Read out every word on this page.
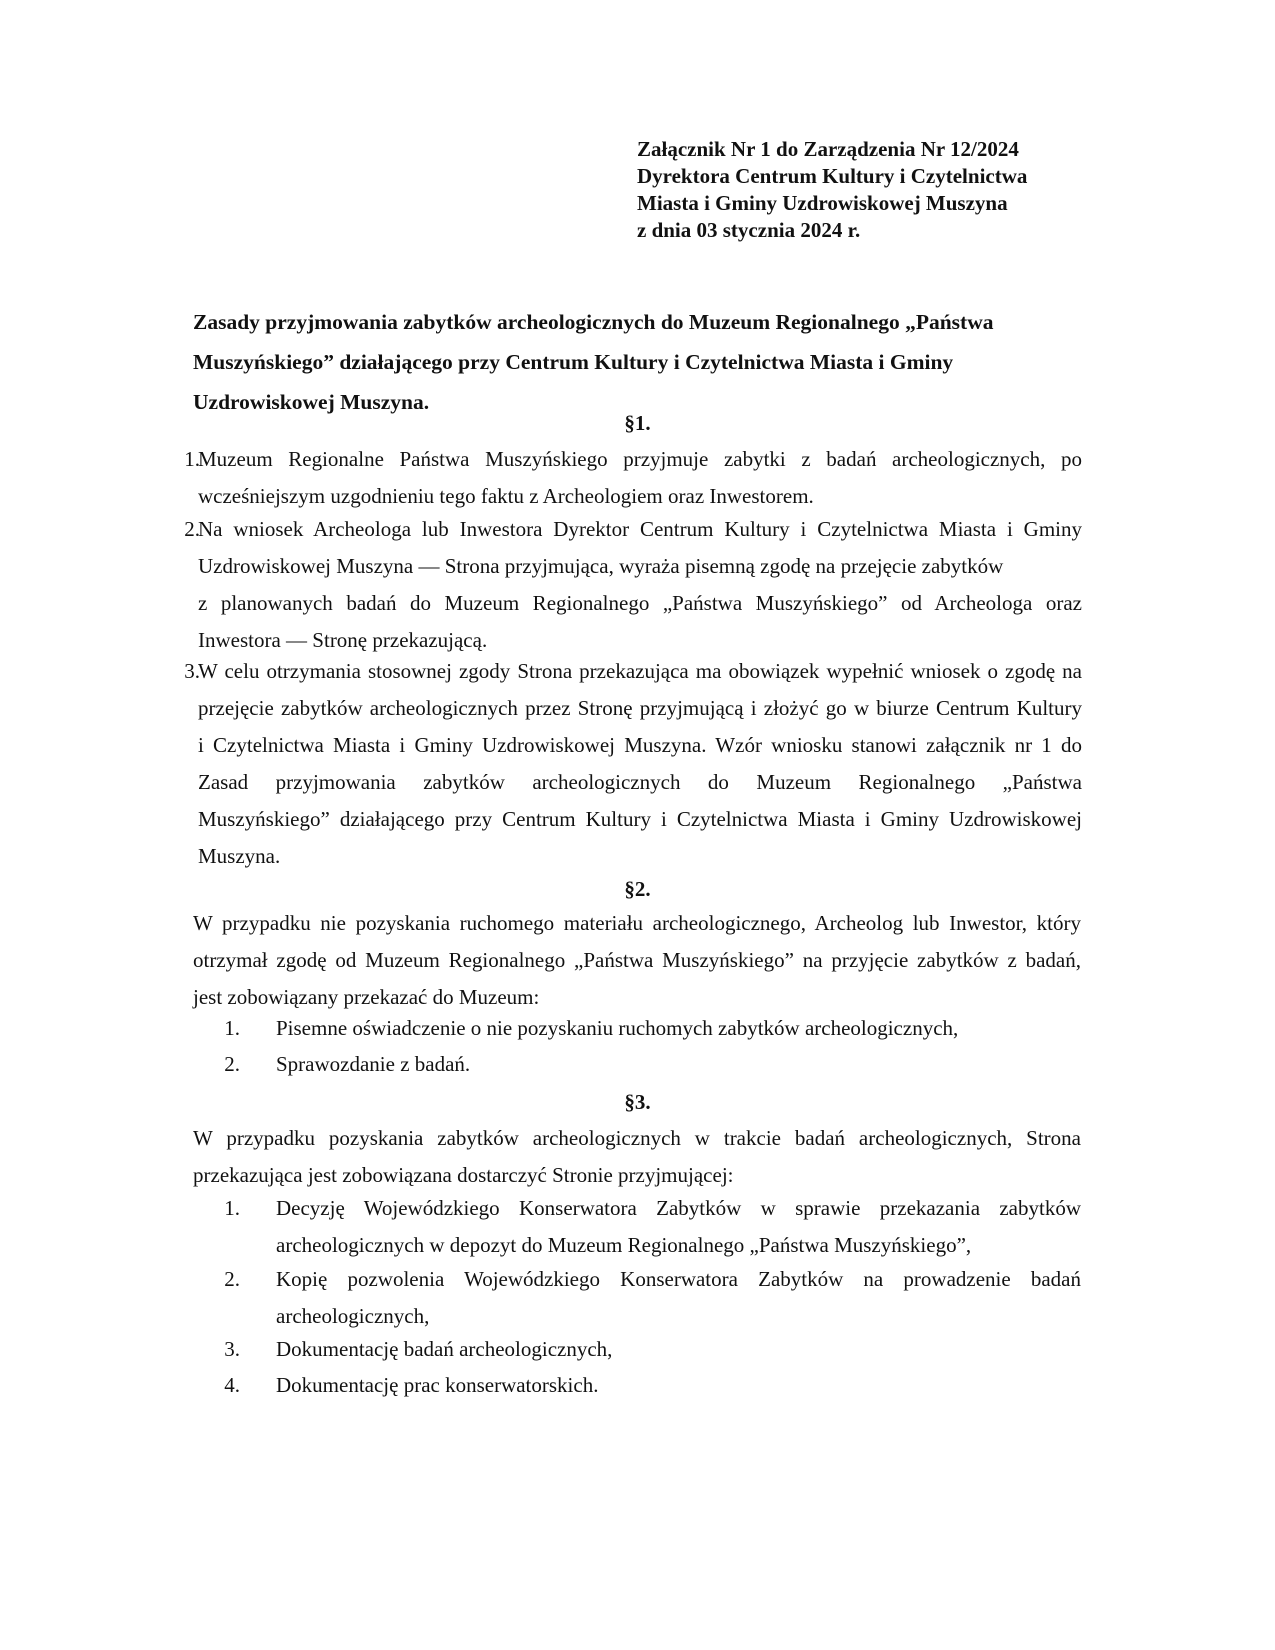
Załącznik Nr 1 do Zarządzenia Nr 12/2024
Dyrektora Centrum Kultury i Czytelnictwa
Miasta i Gminy Uzdrowiskowej Muszyna
z dnia 03 stycznia 2024 r.
Zasady przyjmowania zabytków archeologicznych do Muzeum Regionalnego „Państwa
Muszyńskiego” działającego przy Centrum Kultury i Czytelnictwa Miasta i Gminy
Uzdrowiskowej Muszyna.
§1.
1.
Muzeum Regionalne Państwa Muszyńskiego przyjmuje zabytki z badań archeologicznych, po
wcześniejszym uzgodnieniu tego faktu z Archeologiem oraz Inwestorem.
2.
Na wniosek Archeologa lub Inwestora Dyrektor Centrum Kultury i Czytelnictwa Miasta i Gminy
Uzdrowiskowej Muszyna — Strona przyjmująca, wyraża pisemną zgodę na przejęcie zabytków
z planowanych badań do Muzeum Regionalnego „Państwa Muszyńskiego” od Archeologa oraz
Inwestora — Stronę przekazującą.
3.
W celu otrzymania stosownej zgody Strona przekazująca ma obowiązek wypełnić wniosek o zgodę na
przejęcie zabytków archeologicznych przez Stronę przyjmującą i złożyć go w biurze Centrum Kultury
i Czytelnictwa Miasta i Gminy Uzdrowiskowej Muszyna. Wzór wniosku stanowi załącznik nr 1 do
Zasad przyjmowania zabytków archeologicznych do Muzeum Regionalnego „Państwa
Muszyńskiego” działającego przy Centrum Kultury i Czytelnictwa Miasta i Gminy Uzdrowiskowej
Muszyna.
§2.
W przypadku nie pozyskania ruchomego materiału archeologicznego, Archeolog lub Inwestor, który
otrzymał zgodę od Muzeum Regionalnego „Państwa Muszyńskiego” na przyjęcie zabytków z badań,
jest zobowiązany przekazać do Muzeum:
1. Pisemne oświadczenie o nie pozyskaniu ruchomych zabytków archeologicznych,
2. Sprawozdanie z badań.
§3.
W przypadku pozyskania zabytków archeologicznych w trakcie badań archeologicznych, Strona
przekazująca jest zobowiązana dostarczyć Stronie przyjmującej:
1. Decyzję Wojewódzkiego Konserwatora Zabytków w sprawie przekazania zabytków
archeologicznych w depozyt do Muzeum Regionalnego „Państwa Muszyńskiego”,
2. Kopię pozwolenia Wojewódzkiego Konserwatora Zabytków na prowadzenie badań
archeologicznych,
3. Dokumentację badań archeologicznych,
4. Dokumentację prac konserwatorskich.
